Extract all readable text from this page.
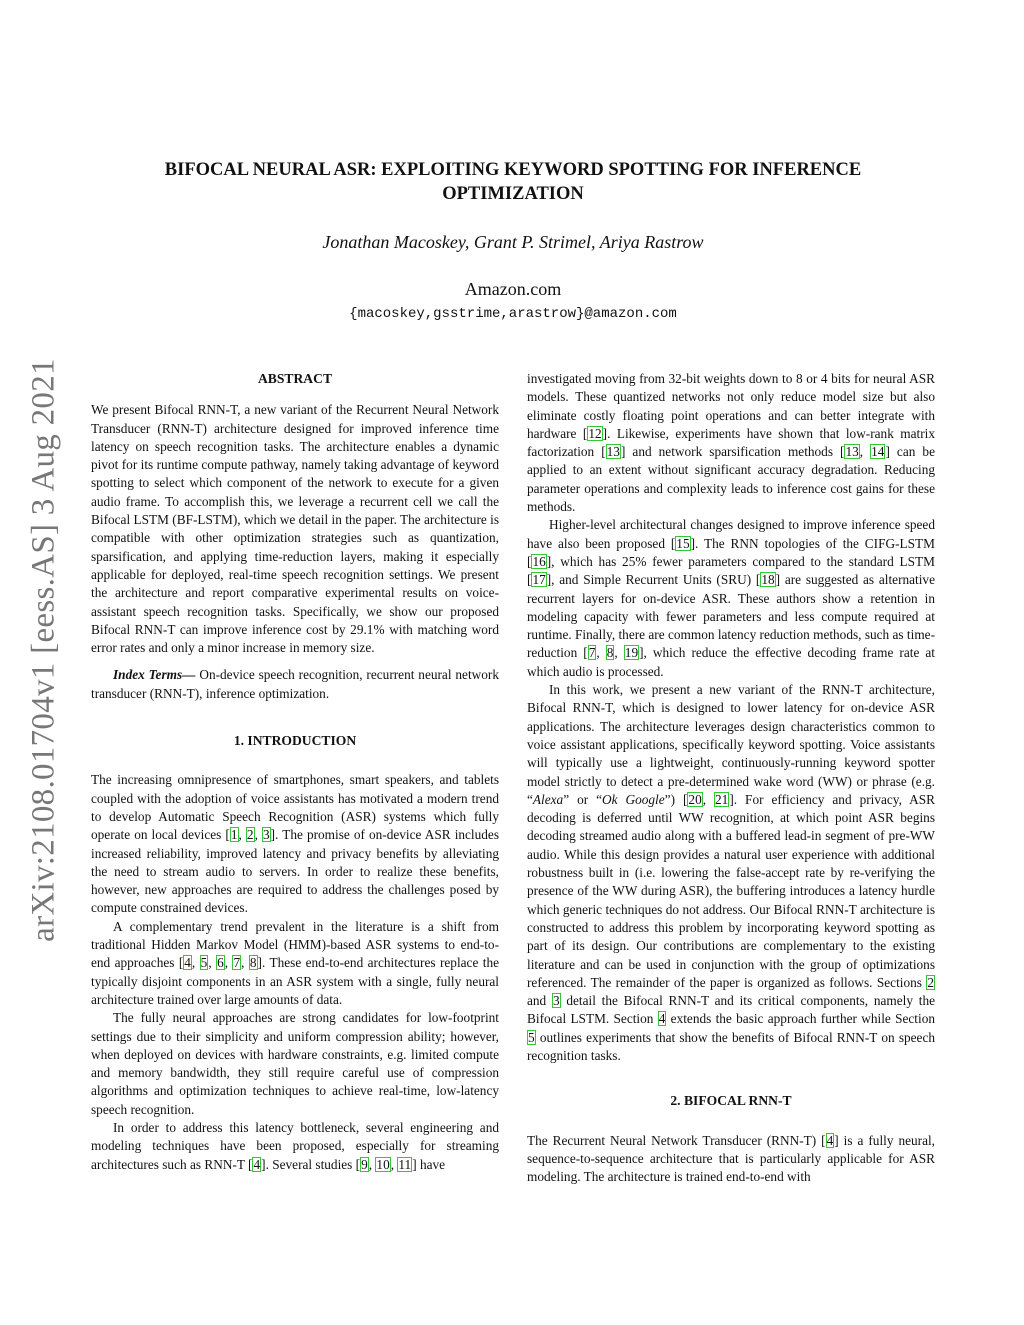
arXiv:2108.01704v1 [eess.AS] 3 Aug 2021
BIFOCAL NEURAL ASR: EXPLOITING KEYWORD SPOTTING FOR INFERENCE OPTIMIZATION
Jonathan Macoskey, Grant P. Strimel, Ariya Rastrow
Amazon.com
{macoskey,gsstrime,arastrow}@amazon.com
ABSTRACT

We present Bifocal RNN-T, a new variant of the Recurrent Neural Network Transducer (RNN-T) architecture designed for improved inference time latency on speech recognition tasks. The architecture enables a dynamic pivot for its runtime compute pathway, namely taking advantage of keyword spotting to select which component of the network to execute for a given audio frame. To accomplish this, we leverage a recurrent cell we call the Bifocal LSTM (BF-LSTM), which we detail in the paper. The architecture is compatible with other optimization strategies such as quantization, sparsification, and applying time-reduction layers, making it especially applicable for deployed, real-time speech recognition settings. We present the architecture and report comparative experimental results on voice-assistant speech recognition tasks. Specifically, we show our proposed Bifocal RNN-T can improve inference cost by 29.1% with matching word error rates and only a minor increase in memory size.

Index Terms— On-device speech recognition, recurrent neural network transducer (RNN-T), inference optimization.

1. INTRODUCTION

The increasing omnipresence of smartphones, smart speakers, and tablets coupled with the adoption of voice assistants has motivated a modern trend to develop Automatic Speech Recognition (ASR) systems which fully operate on local devices [1, 2, 3]. The promise of on-device ASR includes increased reliability, improved latency and privacy benefits by alleviating the need to stream audio to servers. In order to realize these benefits, however, new approaches are required to address the challenges posed by compute constrained devices.

A complementary trend prevalent in the literature is a shift from traditional Hidden Markov Model (HMM)-based ASR systems to end-to-end approaches [4, 5, 6, 7, 8]. These end-to-end architectures replace the typically disjoint components in an ASR system with a single, fully neural architecture trained over large amounts of data.

The fully neural approaches are strong candidates for low-footprint settings due to their simplicity and uniform compression ability; however, when deployed on devices with hardware constraints, e.g. limited compute and memory bandwidth, they still require careful use of compression algorithms and optimization techniques to achieve real-time, low-latency speech recognition.

In order to address this latency bottleneck, several engineering and modeling techniques have been proposed, especially for streaming architectures such as RNN-T [4]. Several studies [9, 10, 11] have

investigated moving from 32-bit weights down to 8 or 4 bits for neural ASR models. These quantized networks not only reduce model size but also eliminate costly floating point operations and can better integrate with hardware [12]. Likewise, experiments have shown that low-rank matrix factorization [13] and network sparsification methods [13, 14] can be applied to an extent without significant accuracy degradation. Reducing parameter operations and complexity leads to inference cost gains for these methods.

Higher-level architectural changes designed to improve inference speed have also been proposed [15]. The RNN topologies of the CIFG-LSTM [16], which has 25% fewer parameters compared to the standard LSTM [17], and Simple Recurrent Units (SRU) [18] are suggested as alternative recurrent layers for on-device ASR. These authors show a retention in modeling capacity with fewer parameters and less compute required at runtime. Finally, there are common latency reduction methods, such as time-reduction [7, 8, 19], which reduce the effective decoding frame rate at which audio is processed.

In this work, we present a new variant of the RNN-T architecture, Bifocal RNN-T, which is designed to lower latency for on-device ASR applications. The architecture leverages design characteristics common to voice assistant applications, specifically keyword spotting. Voice assistants will typically use a lightweight, continuously-running keyword spotter model strictly to detect a pre-determined wake word (WW) or phrase (e.g. “Alexa” or “Ok Google”) [20, 21]. For efficiency and privacy, ASR decoding is deferred until WW recognition, at which point ASR begins decoding streamed audio along with a buffered lead-in segment of pre-WW audio. While this design provides a natural user experience with additional robustness built in (i.e. lowering the false-accept rate by re-verifying the presence of the WW during ASR), the buffering introduces a latency hurdle which generic techniques do not address. Our Bifocal RNN-T architecture is constructed to address this problem by incorporating keyword spotting as part of its design. Our contributions are complementary to the existing literature and can be used in conjunction with the group of optimizations referenced. The remainder of the paper is organized as follows. Sections 2 and 3 detail the Bifocal RNN-T and its critical components, namely the Bifocal LSTM. Section 4 extends the basic approach further while Section 5 outlines experiments that show the benefits of Bifocal RNN-T on speech recognition tasks.

2. BIFOCAL RNN-T

The Recurrent Neural Network Transducer (RNN-T) [4] is a fully neural, sequence-to-sequence architecture that is particularly applicable for ASR modeling. The architecture is trained end-to-end with
